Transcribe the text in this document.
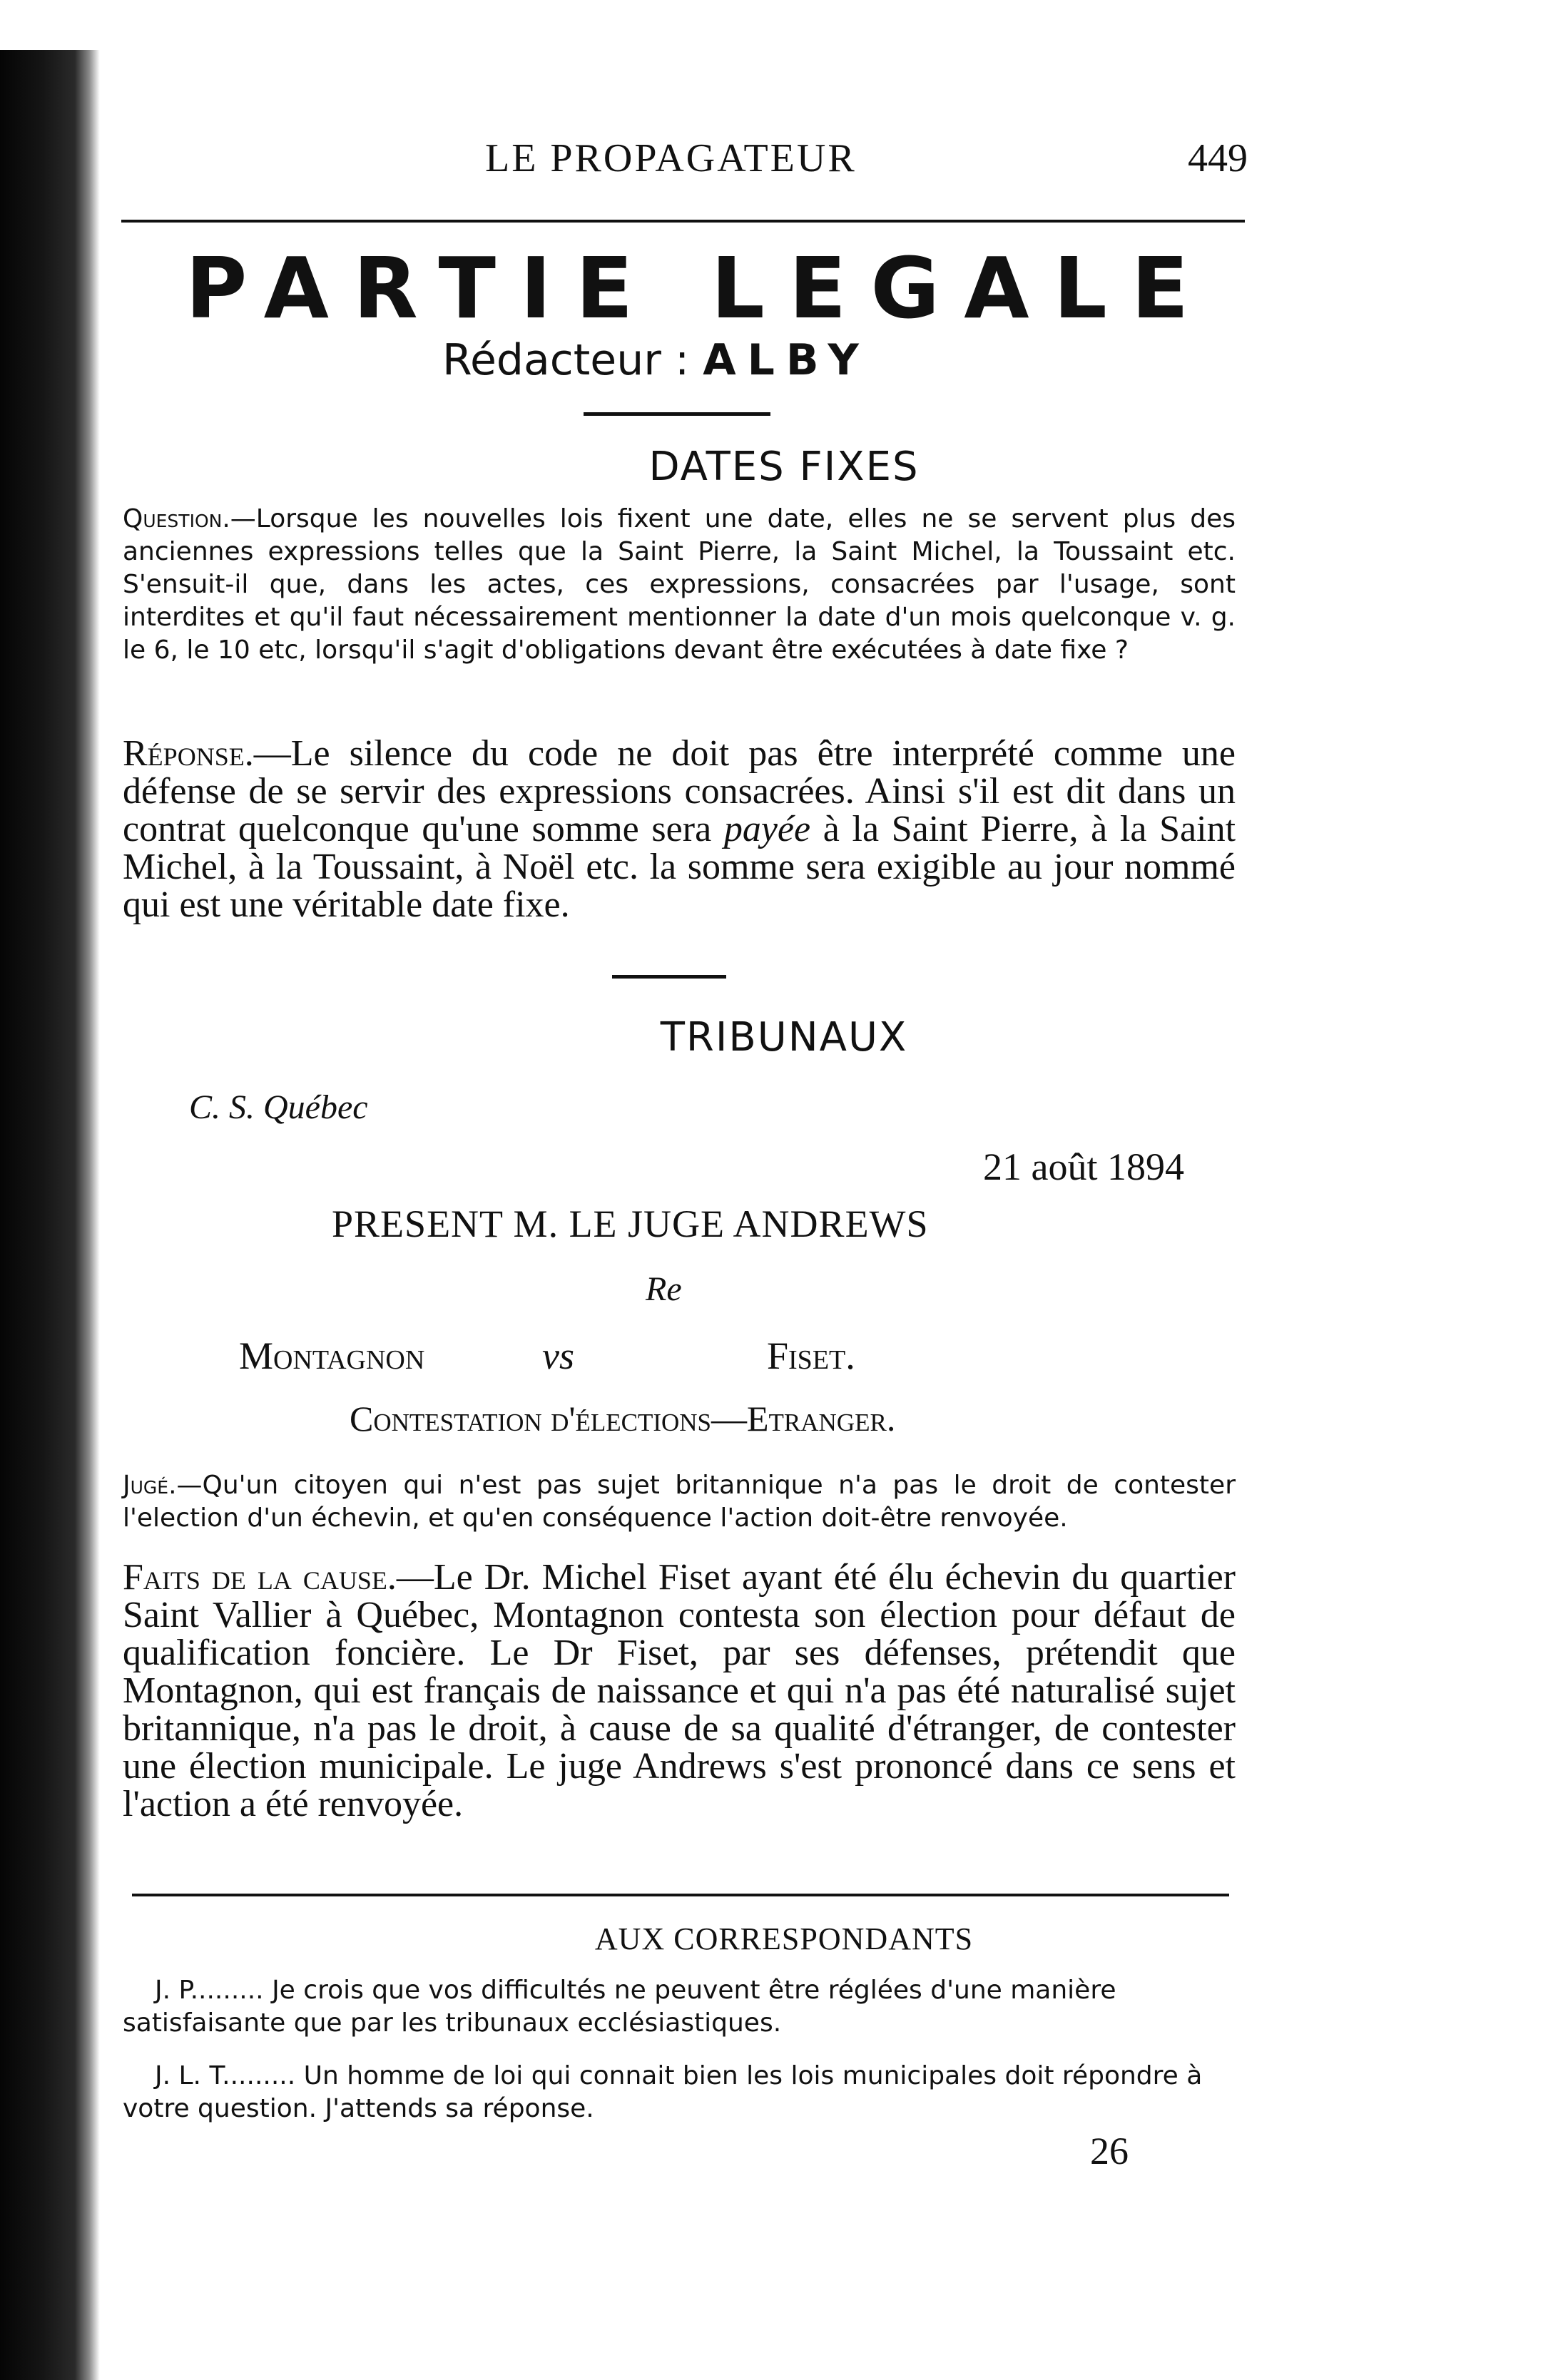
LE PROPAGATEUR	449
PARTIE LEGALE
Rédacteur : ALBY
DATES FIXES
Question.—Lorsque les nouvelles lois fixent une date, elles ne se servent plus des anciennes expressions telles que la Saint Pierre, la Saint Michel, la Toussaint etc. S'ensuit-il que, dans les actes, ces expressions, consacrées par l'usage, sont interdites et qu'il faut nécessairement mentionner la date d'un mois quelconque v. g. le 6, le 10 etc, lorsqu'il s'agit d'obligations devant être exécutées à date fixe ?
Réponse.—Le silence du code ne doit pas être interprété comme une défense de se servir des expressions consacrées. Ainsi s'il est dit dans un contrat quelconque qu'une somme sera payée à la Saint Pierre, à la Saint Michel, à la Toussaint, à Noël etc. la somme sera exigible au jour nommé qui est une véritable date fixe.
TRIBUNAUX
C. S. Québec
21 août 1894
PRESENT M. LE JUGE ANDREWS
Re
Montagnon	vs	Fiset.
Contestation d'élections—Etranger.
Jugé.—Qu'un citoyen qui n'est pas sujet britannique n'a pas le droit de contester l'election d'un échevin, et qu'en conséquence l'action doit-être renvoyée.
Faits de la cause.—Le Dr. Michel Fiset ayant été élu échevin du quartier Saint Vallier à Québec, Montagnon contesta son élection pour défaut de qualification foncière. Le Dr Fiset, par ses défenses, prétendit que Montagnon, qui est français de naissance et qui n'a pas été naturalisé sujet britannique, n'a pas le droit, à cause de sa qualité d'étranger, de contester une élection municipale. Le juge Andrews s'est prononcé dans ce sens et l'action a été renvoyée.
AUX CORRESPONDANTS
J. P......... Je crois que vos difficultés ne peuvent être réglées d'une manière satisfaisante que par les tribunaux ecclésiastiques.
J. L. T......... Un homme de loi qui connait bien les lois municipales doit répondre à votre question. J'attends sa réponse.
26
